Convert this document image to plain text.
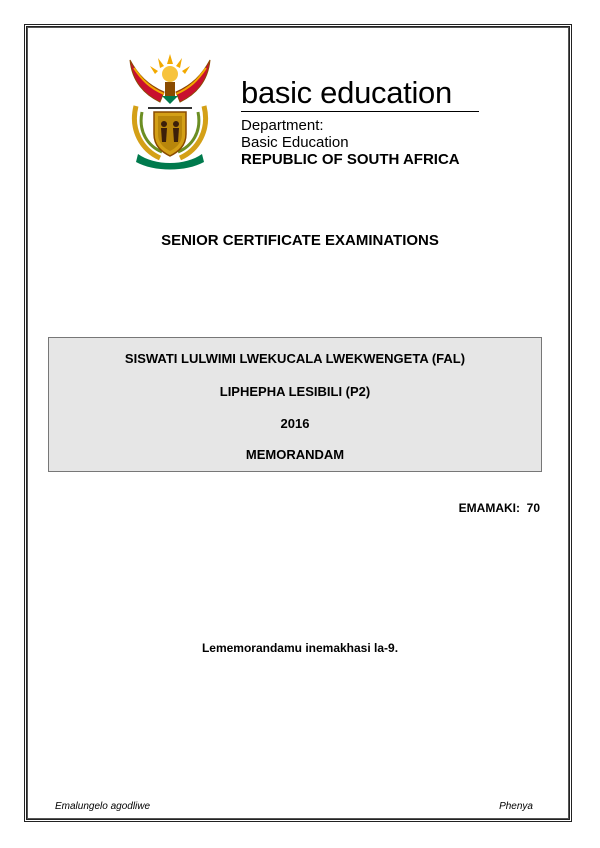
basic education
Department:
Basic Education
REPUBLIC OF SOUTH AFRICA
SENIOR CERTIFICATE EXAMINATIONS
SISWATI LULWIMI LWEKUCALA LWEKWENGETA (FAL)
LIPHEPHA LESIBILI (P2)
2016
MEMORANDAM
EMAMAKI:  70
Lememorandamu inemakhasi la-9.
Emalungelo agodliwe	Phenya
